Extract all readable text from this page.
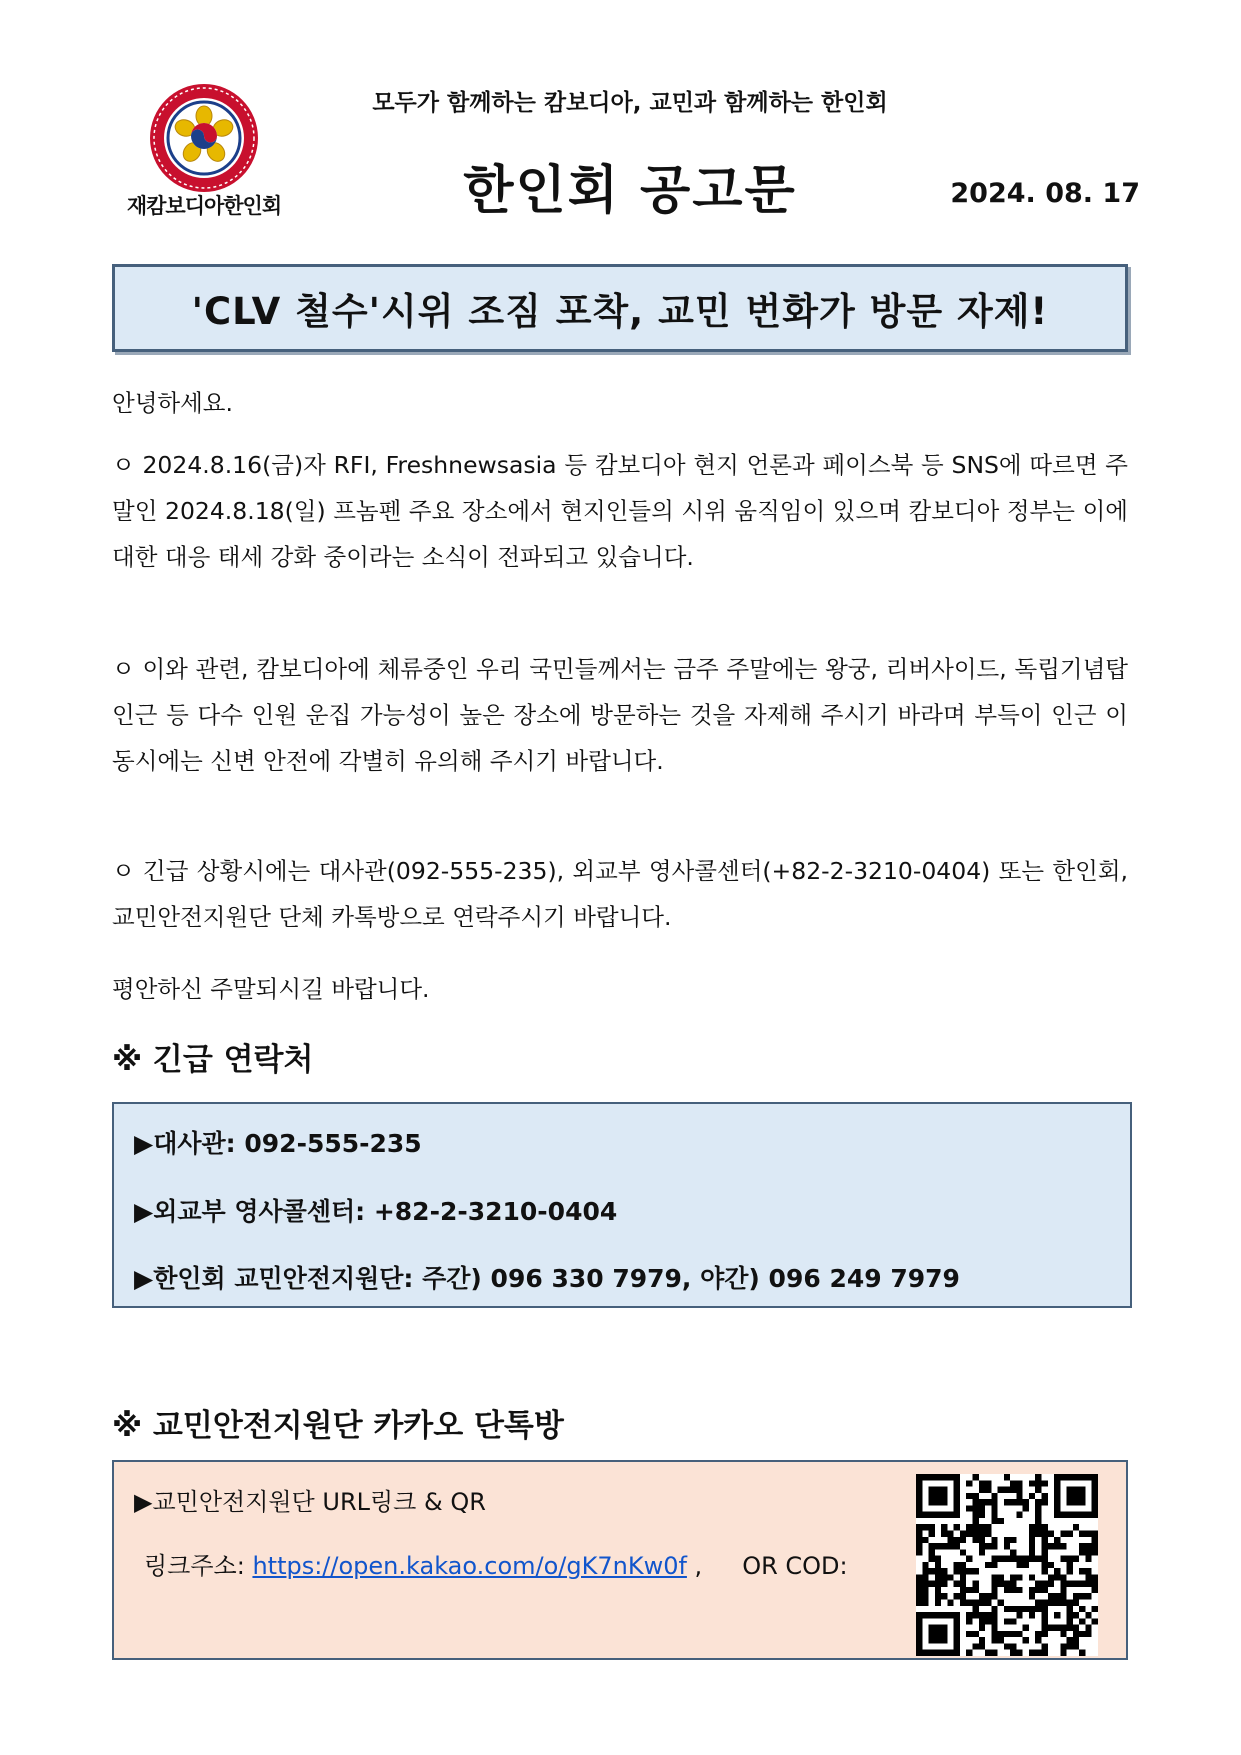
재캄보디아한인회
모두가 함께하는 캄보디아, 교민과 함께하는 한인회
한인회 공고문	2024. 08. 17
'CLV 철수'시위 조짐 포착, 교민 번화가 방문 자제!
안녕하세요.
ㅇ 2024.8.16(금)자 RFI, Freshnewsasia 등 캄보디아 현지 언론과 페이스북 등 SNS에 따르면 주말인 2024.8.18(일) 프놈펜 주요 장소에서 현지인들의 시위 움직임이 있으며 캄보디아 정부는 이에 대한 대응 태세 강화 중이라는 소식이 전파되고 있습니다.
ㅇ 이와 관련, 캄보디아에 체류중인 우리 국민들께서는 금주 주말에는 왕궁, 리버사이드, 독립기념탑 인근 등 다수 인원 운집 가능성이 높은 장소에 방문하는 것을 자제해 주시기 바라며 부득이 인근 이동시에는 신변 안전에 각별히 유의해 주시기 바랍니다.
ㅇ 긴급 상황시에는 대사관(092-555-235), 외교부 영사콜센터(+82-2-3210-0404) 또는 한인회, 교민안전지원단 단체 카톡방으로 연락주시기 바랍니다.
평안하신 주말되시길 바랍니다.
※ 긴급 연락처
▶대사관: 092-555-235
▶외교부 영사콜센터: +82-2-3210-0404
▶한인회 교민안전지원단: 주간) 096 330 7979, 야간) 096 249 7979
※ 교민안전지원단 카카오 단톡방
▶교민안전지원단 URL링크 & QR
링크주소: https://open.kakao.com/o/gK7nKw0f , OR COD:
